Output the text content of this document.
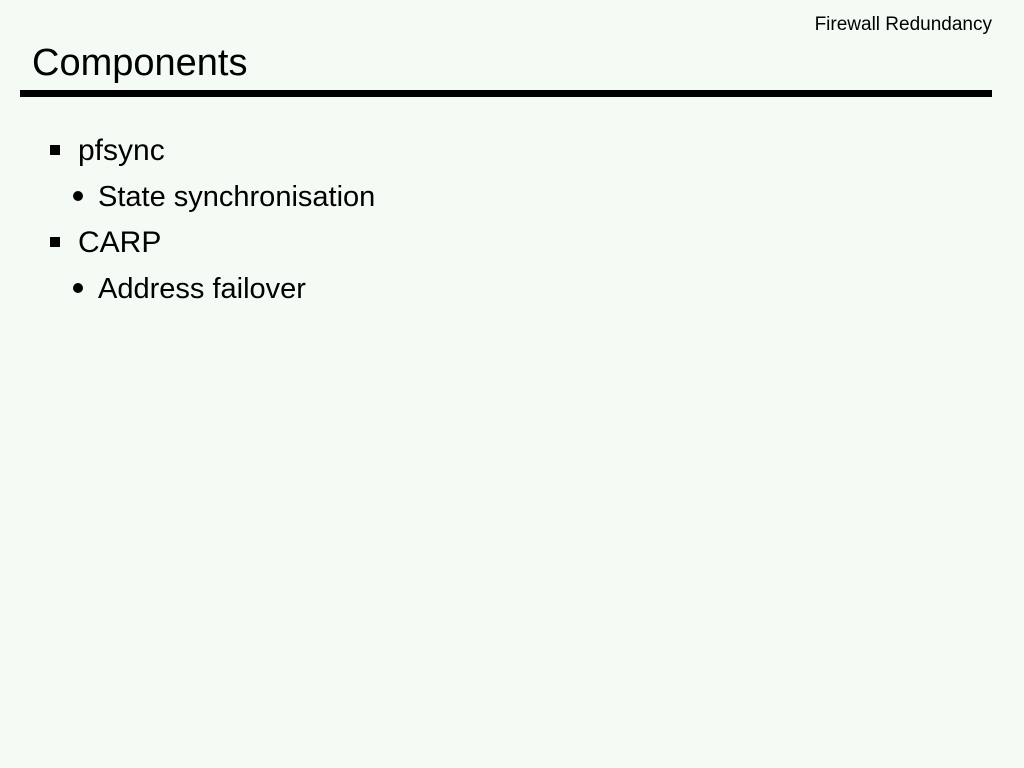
Firewall Redundancy
Components
pfsync
State synchronisation
CARP
Address failover
